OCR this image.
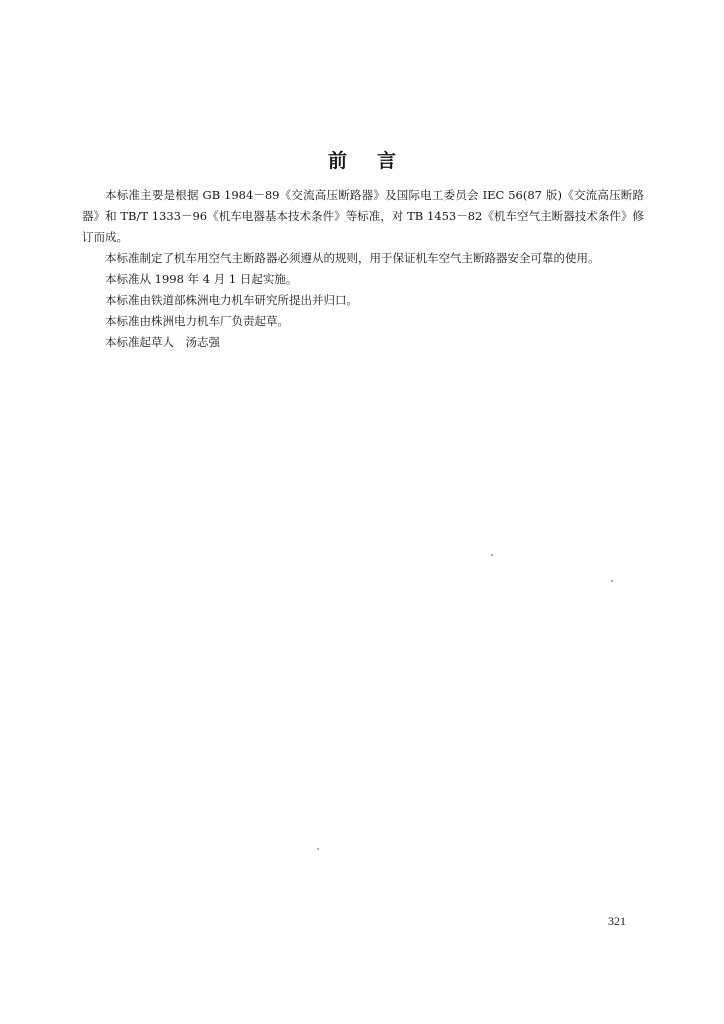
前言

本标准主要是根据 GB 1984－89《交流高压断路器》及国际电工委员会 IEC 56(87 版)《交流高压断路器》和 TB/T 1333－96《机车电器基本技术条件》等标准，对 TB 1453－82《机车空气主断器技术条件》修订而成。

本标准制定了机车用空气主断路器必须遵从的规则，用于保证机车空气主断路器安全可靠的使用。

本标准从 1998 年 4 月 1 日起实施。

本标准由铁道部株洲电力机车研究所提出并归口。

本标准由株洲电力机车厂负责起草。

本标准起草人　汤志强

321
